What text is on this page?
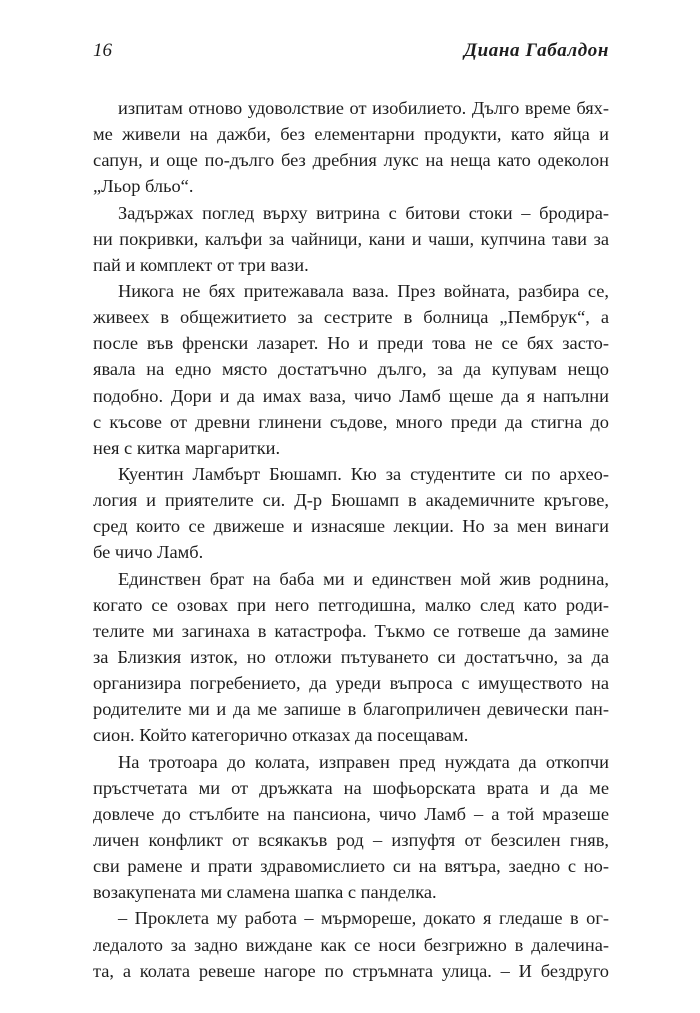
16	Диана Габалдон
изпитам отново удоволствие от изобилието. Дълго време бях-
ме живели на дажби, без елементарни продукти, като яйца и
сапун, и още по-дълго без дребния лукс на неща като одеколон
„Льор бльо“.
Задържах поглед върху витрина с битови стоки – бродира-
ни покривки, калъфи за чайници, кани и чаши, купчина тави за
пай и комплект от три вази.
Никога не бях притежавала ваза. През войната, разбира се,
живеех в общежитието за сестрите в болница „Пембрук“, а
после във френски лазарет. Но и преди това не се бях засто-
явала на едно място достатъчно дълго, за да купувам нещо
подобно. Дори и да имах ваза, чичо Ламб щеше да я напълни
с късове от древни глинени съдове, много преди да стигна до
нея с китка маргаритки.
Куентин Ламбърт Бюшамп. Кю за студентите си по архео-
логия и приятелите си. Д-р Бюшамп в академичните кръгове,
сред които се движеше и изнасяше лекции. Но за мен винаги
бе чичо Ламб.
Единствен брат на баба ми и единствен мой жив роднина,
когато се озовах при него петгодишна, малко след като роди-
телите ми загинаха в катастрофа. Тъкмо се готвеше да замине
за Близкия изток, но отложи пътуването си достатъчно, за да
организира погребението, да уреди въпроса с имуществото на
родителите ми и да ме запише в благоприличен девически пан-
сион. Който категорично отказах да посещавам.
На тротоара до колата, изправен пред нуждата да откопчи
пръстчетата ми от дръжката на шофьорската врата и да ме
довлече до стълбите на пансиона, чичо Ламб – а той мразеше
личен конфликт от всякакъв род – изпуфтя от безсилен гняв,
сви рамене и прати здравомислието си на вятъра, заедно с но-
возакупената ми сламена шапка с панделка.
– Проклета му работа – мърмореше, докато я гледаше в ог-
ледалото за задно виждане как се носи безгрижно в далечина-
та, а колата ревеше нагоре по стръмната улица. – И бездруго
